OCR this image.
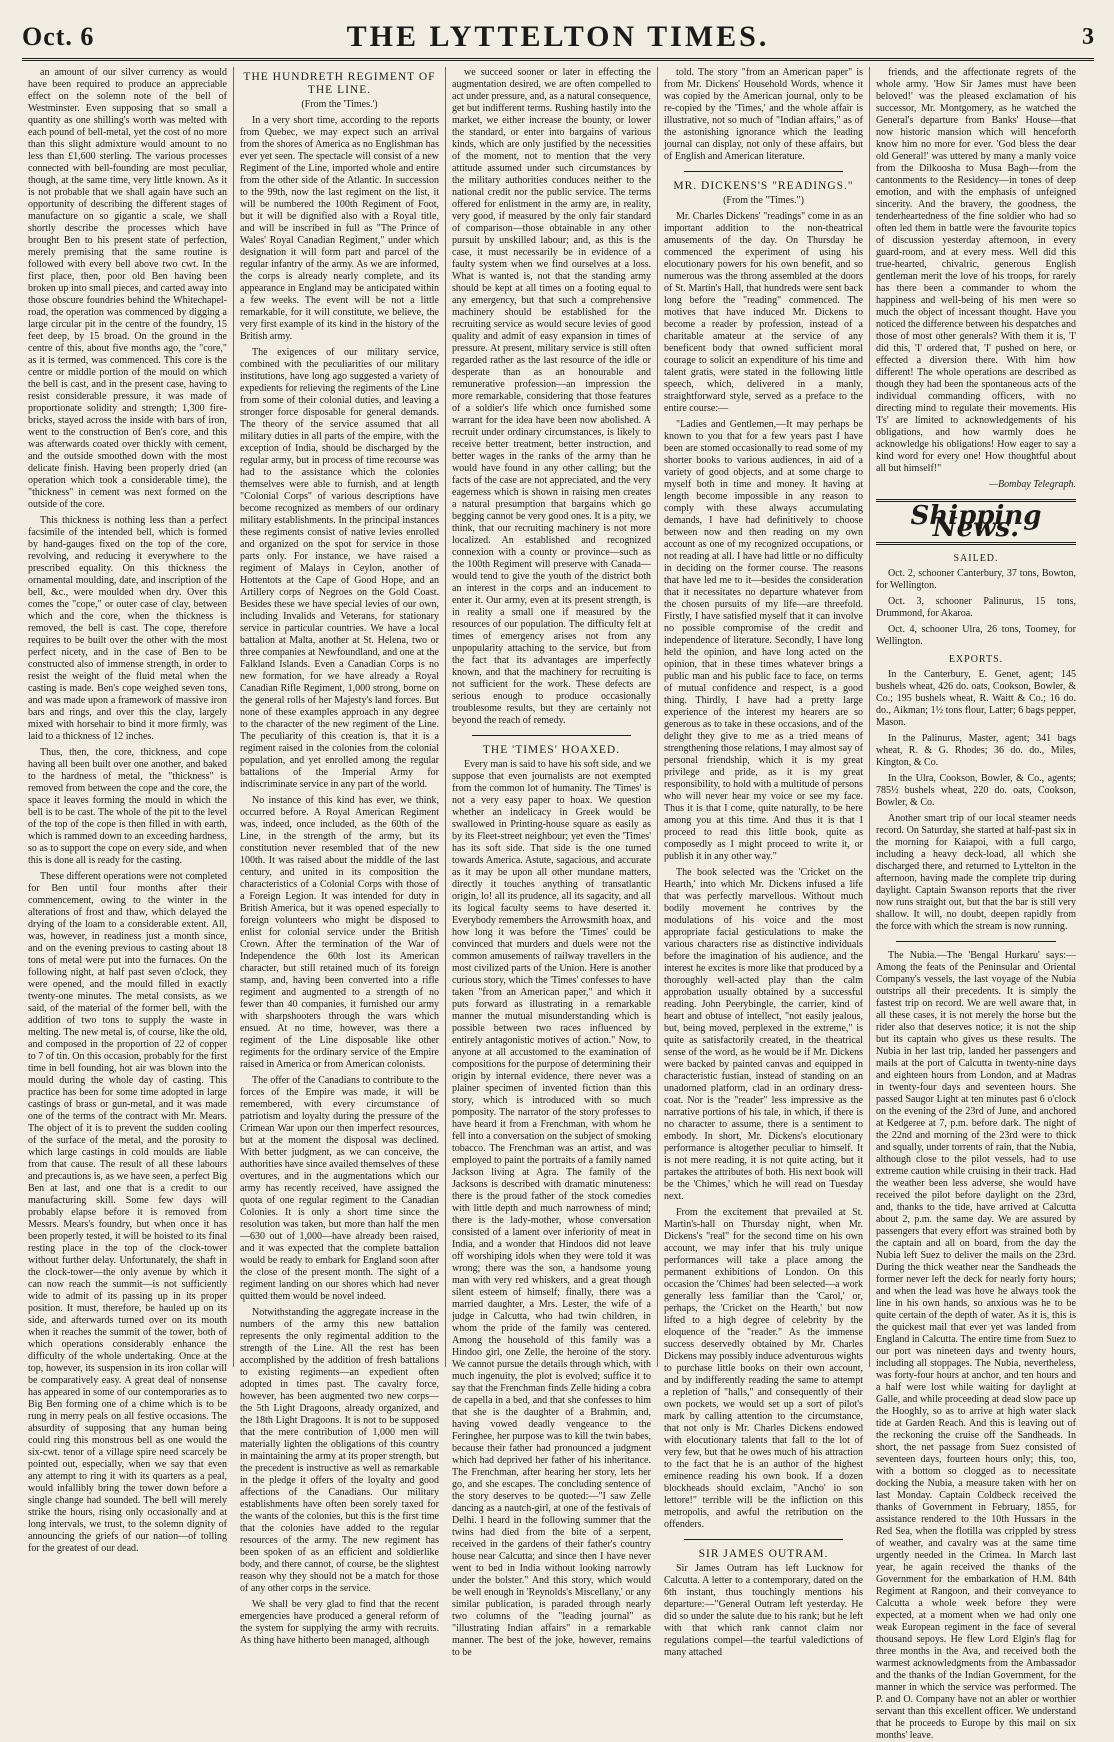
Oct. 6	THE LYTTELTON TIMES.	3

an amount of our silver currency as would have been required to produce an appreciable effect on the solemn note of the bell of Westminster. Even supposing that so small a quantity as one shilling's worth was melted with each pound of bell-metal, yet the cost of no more than this slight admixture would amount to no less than £1,600 sterling. The various processes connected with bell-founding are most peculiar, though, at the same time, very little known. As it is not probable that we shall again have such an opportunity of describing the different stages of manufacture on so gigantic a scale, we shall shortly describe the processes which have brought Ben to his present state of perfection, merely premising that the same routine is followed with every bell above two cwt. In the first place, then, poor old Ben having been broken up into small pieces, and carted away into those obscure foundries behind the Whitechapel-road, the operation was commenced by digging a large circular pit in the centre of the foundry, 15 feet deep, by 15 broad. On the ground in the centre of this, about five months ago, the "core," as it is termed, was commenced. This core is the centre or middle portion of the mould on which the bell is cast, and in the present case, having to resist considerable pressure, it was made of proportionate solidity and strength; 1,300 fire-bricks, stayed across the inside with bars of iron, went to the construction of Ben's core, and this was afterwards coated over thickly with cement, and the outside smoothed down with the most delicate finish. Having been properly dried (an operation which took a considerable time), the "thickness" in cement was next formed on the outside of the core.

This thickness is nothing less than a perfect facsimile of the intended bell, which is formed by hand-gauges fixed on the top of the core, revolving, and reducing it everywhere to the prescribed equality. On this thickness the ornamental moulding, date, and inscription of the bell, &c., were moulded when dry. Over this comes the "cope," or outer case of clay, between which and the core, when the thickness is removed, the bell is cast. The cope, therefore requires to be built over the other with the most perfect nicety, and in the case of Ben to be constructed also of immense strength, in order to resist the weight of the fluid metal when the casting is made. Ben's cope weighed seven tons, and was made upon a framework of massive iron bars and rings, and over this the clay, largely mixed with horsehair to bind it more firmly, was laid to a thickness of 12 inches.

Thus, then, the core, thickness, and cope having all been built over one another, and baked to the hardness of metal, the "thickness" is removed from between the cope and the core, the space it leaves forming the mould in which the bell is to be cast. The whole of the pit to the level of the top of the cope is then filled in with earth, which is rammed down to an exceeding hardness, so as to support the cope on every side, and when this is done all is ready for the casting.

These different operations were not completed for Ben until four months after their commencement, owing to the winter in the alterations of frost and thaw, which delayed the drying of the loam to a considerable extent. All, was, however, in readiness just a month since, and on the evening previous to casting about 18 tons of metal were put into the furnaces. On the following night, at half past seven o'clock, they were opened, and the mould filled in exactly twenty-one minutes. The metal consists, as we said, of the material of the former bell, with the addition of two tons to supply the waste in melting. The new metal is, of course, like the old, and composed in the proportion of 22 of copper to 7 of tin. On this occasion, probably for the first time in bell founding, hot air was blown into the mould during the whole day of casting. This practice has been for some time adopted in large castings of brass or gun-metal, and it was made one of the terms of the contract with Mr. Mears. The object of it is to prevent the sudden cooling of the surface of the metal, and the porosity to which large castings in cold moulds are liable from that cause. The result of all these labours and precautions is, as we have seen, a perfect Big Ben at last, and one that is a credit to our manufacturing skill. Some few days will probably elapse before it is removed from Messrs. Mears's foundry, but when once it has been properly tested, it will be hoisted to its final resting place in the top of the clock-tower without further delay. Unfortunately, the shaft in the clock-tower—the only avenue by which it can now reach the summit—is not sufficiently wide to admit of its passing up in its proper position. It must, therefore, be hauled up on its side, and afterwards turned over on its mouth when it reaches the summit of the tower, both of which operations considerably enhance the difficulty of the whole undertaking. Once at the top, however, its suspension in its iron collar will be comparatively easy. A great deal of nonsense has appeared in some of our contemporaries as to Big Ben forming one of a chime which is to be rung in merry peals on all festive occasions. The absurdity of supposing that any human being could ring this monstrous bell as one would the six-cwt. tenor of a village spire need scarcely be pointed out, especially, when we say that even any attempt to ring it with its quarters as a peal, would infallibly bring the tower down before a single change had sounded. The bell will merely strike the hours, rising only occasionally and at long intervals, we trust, to the solemn dignity of announcing the griefs of our nation—of tolling for the greatest of our dead.

THE HUNDRETH REGIMENT OF THE LINE.
(From the 'Times.')

In a very short time, according to the reports from Quebec, we may expect such an arrival from the shores of America as no Englishman has ever yet seen. The spectacle will consist of a new Regiment of the Line, imported whole and entire from the other side of the Atlantic. In succession to the 99th, now the last regiment on the list, it will be numbered the 100th Regiment of Foot, but it will be dignified also with a Royal title, and will be inscribed in full as "The Prince of Wales' Royal Canadian Regiment," under which designation it will form part and parcel of the regular infantry of the army. As we are informed, the corps is already nearly complete, and its appearance in England may be anticipated within a few weeks. The event will be not a little remarkable, for it will constitute, we believe, the very first example of its kind in the history of the British army.

The exigences of our military service, combined with the peculiarities of our military institutions, have long ago suggested a variety of expedients for relieving the regiments of the Line from some of their colonial duties, and leaving a stronger force disposable for general demands. The theory of the service assumed that all military duties in all parts of the empire, with the exception of India, should be discharged by the regular army, but in process of time recourse was had to the assistance which the colonies themselves were able to furnish, and at length "Colonial Corps" of various descriptions have become recognized as members of our ordinary military establishments. In the principal instances these regiments consist of native levies enrolled and organized on the spot for service in those parts only. For instance, we have raised a regiment of Malays in Ceylon, another of Hottentots at the Cape of Good Hope, and an Artillery corps of Negroes on the Gold Coast. Besides these we have special levies of our own, including Invalids and Veterans, for stationary service in particular countries. We have a local battalion at Malta, another at St. Helena, two or three companies at Newfoundland, and one at the Falkland Islands. Even a Canadian Corps is no new formation, for we have already a Royal Canadian Rifle Regiment, 1,000 strong, borne on the general rolls of her Majesty's land forces. But none of these examples approach in any degree to the character of the new regiment of the Line. The peculiarity of this creation is, that it is a regiment raised in the colonies from the colonial population, and yet enrolled among the regular battalions of the Imperial Army for indiscriminate service in any part of the world.

No instance of this kind has ever, we think, occurred before. A Royal American Regiment was, indeed, once included, as the 60th of the Line, in the strength of the army, but its constitution never resembled that of the new 100th. It was raised about the middle of the last century, and united in its composition the characteristics of a Colonial Corps with those of a Foreign Legion. It was intended for duty in British America, but it was opened especially to foreign volunteers who might be disposed to enlist for colonial service under the British Crown. After the termination of the War of Independence the 60th lost its American character, but still retained much of its foreign stamp, and, having been converted into a rifle regiment and augmented to a strength of no fewer than 40 companies, it furnished our army with sharpshooters through the wars which ensued. At no time, however, was there a regiment of the Line disposable like other regiments for the ordinary service of the Empire raised in America or from American colonists.

The offer of the Canadians to contribute to the forces of the Empire was made, it will be remembered, with every circumstance of patriotism and loyalty during the pressure of the Crimean War upon our then imperfect resources, but at the moment the disposal was declined. With better judgment, as we can conceive, the authorities have since availed themselves of these overtures, and in the augmentations which our army has recently received, have assigned the quota of one regular regiment to the Canadian Colonies. It is only a short time since the resolution was taken, but more than half the men—630 out of 1,000—have already been raised, and it was expected that the complete battalion would be ready to embark for England soon after the close of the present month. The sight of a regiment landing on our shores which had never quitted them would be novel indeed.

Notwithstanding the aggregate increase in the numbers of the army this new battalion represents the only regimental addition to the strength of the Line. All the rest has been accomplished by the addition of fresh battalions to existing regiments—an expedient often adopted in times past. The cavalry force, however, has been augmented two new corps—the 5th Light Dragoons, already organized, and the 18th Light Dragoons. It is not to be supposed that the mere contribution of 1,000 men will materially lighten the obligations of this country in maintaining the army at its proper strength, but the precedent is instructive as well as remarkable in the pledge it offers of the loyalty and good affections of the Canadians. Our military establishments have often been sorely taxed for the wants of the colonies, but this is the first time that the colonies have added to the regular resources of the army. The new regiment has been spoken of as an efficient and soldierlike body, and there cannot, of course, be the slightest reason why they should not be a match for those of any other corps in the service.

We shall be very glad to find that the recent emergencies have produced a general reform of the system for supplying the army with recruits. As thing have hitherto been managed, although

we succeed sooner or later in effecting the augmentation desired, we are often compelled to act under pressure, and, as a natural consequence, get but indifferent terms. Rushing hastily into the market, we either increase the bounty, or lower the standard, or enter into bargains of various kinds, which are only justified by the necessities of the moment, not to mention that the very attitude assumed under such circumstances by the military authorities conduces neither to the national credit nor the public service. The terms offered for enlistment in the army are, in reality, very good, if measured by the only fair standard of comparison—those obtainable in any other pursuit by unskilled labour; and, as this is the case, it must necessarily be in evidence of a faulty system when we find ourselves at a loss. What is wanted is, not that the standing army should be kept at all times on a footing equal to any emergency, but that such a comprehensive machinery should be established for the recruiting service as would secure levies of good quality and admit of easy expansion in times of pressure. At present, military service is still often regarded rather as the last resource of the idle or desperate than as an honourable and remunerative profession—an impression the more remarkable, considering that those features of a soldier's life which once furnished some warrant for the idea have been now abolished. A recruit under ordinary circumstances, is likely to receive better treatment, better instruction, and better wages in the ranks of the army than he would have found in any other calling; but the facts of the case are not appreciated, and the very eagerness which is shown in raising men creates a natural presumption that bargains which go begging cannot be very good ones. It is a pity, we think, that our recruiting machinery is not more localized. An established and recognized connexion with a county or province—such as the 100th Regiment will preserve with Canada—would tend to give the youth of the district both an interest in the corps and an inducement to enter it. Our army, even at its present strength, is in reality a small one if measured by the resources of our population. The difficulty felt at times of emergency arises not from any unpopularity attaching to the service, but from the fact that its advantages are imperfectly known, and that the machinery for recruiting is not sufficient for the work. These defects are serious enough to produce occasionally troublesome results, but they are certainly not beyond the reach of remedy.

THE 'TIMES' HOAXED.

Every man is said to have his soft side, and we suppose that even journalists are not exempted from the common lot of humanity. The 'Times' is not a very easy paper to hoax. We question whether an indelicacy in Greek would be swallowed in Printing-house square as easily as by its Fleet-street neighbour; yet even the 'Times' has its soft side. That side is the one turned towards America. Astute, sagacious, and accurate as it may be upon all other mundane matters, directly it touches anything of transatlantic origin, lo! all its prudence, all its sagacity, and all its logical faculty seems to have deserted it. Everybody remembers the Arrowsmith hoax, and how long it was before the 'Times' could be convinced that murders and duels were not the common amusements of railway travellers in the most civilized parts of the Union. Here is another curious story, which the 'Times' confesses to have taken "from an American paper," and which it puts forward as illustrating in a remarkable manner the mutual misunderstanding which is possible between two races influenced by entirely antagonistic motives of action." Now, to anyone at all accustomed to the examination of compositions for the purpose of determining their origin by internal evidence, there never was a plainer specimen of invented fiction than this story, which is introduced with so much pomposity. The narrator of the story professes to have heard it from a Frenchman, with whom he fell into a conversation on the subject of smoking tobacco. The Frenchman was an artist, and was employed to paint the portraits of a family named Jackson living at Agra. The family of the Jacksons is described with dramatic minuteness: there is the proud father of the stock comedies with little depth and much narrowness of mind; there is the lady-mother, whose conversation consisted of a lament over inferiority of meat in India, and a wonder that Hindoos did not leave off worshiping idols when they were told it was wrong; there was the son, a handsome young man with very red whiskers, and a great though silent esteem of himself; finally, there was a married daughter, a Mrs. Lester, the wife of a judge in Calcutta, who had twin children, in whom the pride of the family was centered. Among the household of this family was a Hindoo girl, one Zelle, the heroine of the story. We cannot pursue the details through which, with much ingenuity, the plot is evolved; suffice it to say that the Frenchman finds Zelle hiding a cobra de capella in a bed, and that she confesses to him that she is the daughter of a Brahmin, and, having vowed deadly vengeance to the Feringhee, her purpose was to kill the twin babes, because their father had pronounced a judgment which had deprived her father of his inheritance. The Frenchman, after hearing her story, lets her go, and she escapes. The concluding sentence of the story deserves to be quoted:—"I saw Zelle dancing as a nautch-girl, at one of the festivals of Delhi. I heard in the following summer that the twins had died from the bite of a serpent, received in the gardens of their father's country house near Calcutta; and since then I have never went to bed in India without looking narrowly under the bolster." And this story, which would be well enough in 'Reynolds's Miscellany,' or any similar publication, is paraded through nearly two columns of the "leading journal" as "illustrating Indian affairs" in a remarkable manner. The best of the joke, however, remains to be

told. The story "from an American paper" is from Mr. Dickens' Household Words, whence it was copied by the American journal, only to be re-copied by the 'Times,' and the whole affair is illustrative, not so much of "Indian affairs," as of the astonishing ignorance which the leading journal can display, not only of these affairs, but of English and American literature.

MR. DICKENS'S "READINGS."
(From the "Times.")

Mr. Charles Dickens' "readings" come in as an important addition to the non-theatrical amusements of the day. On Thursday he commenced the experiment of using his elocutionary powers for his own benefit, and so numerous was the throng assembled at the doors of St. Martin's Hall, that hundreds were sent back long before the "reading" commenced. The motives that have induced Mr. Dickens to become a reader by profession, instead of a charitable amateur at the service of any beneficent body that owned sufficient moral courage to solicit an expenditure of his time and talent gratis, were stated in the following little speech, which, delivered in a manly, straightforward style, served as a preface to the entire course:—

"Ladies and Gentlemen,—It may perhaps be known to you that for a few years past I have been are stomed occasionally to read some of my shorter books to various audiences, in aid of a variety of good objects, and at some charge to myself both in time and money. It having at length become impossible in any reason to comply with these always accumulating demands, I have had definitively to choose between now and then reading on my own account as one of my recognized occupations, or not reading at all. I have had little or no difficulty in deciding on the former course. The reasons that have led me to it—besides the consideration that it necessitates no departure whatever from the chosen pursuits of my life—are threefold. Firstly, I have satisfied myself that it can involve no possible compromise of the credit and independence of literature. Secondly, I have long held the opinion, and have long acted on the opinion, that in these times whatever brings a public man and his public face to face, on terms of mutual confidence and respect, is a good thing. Thirdly, I have had a pretty large experience of the interest my hearers are so generous as to take in these occasions, and of the delight they give to me as a tried means of strengthening those relations, I may almost say of personal friendship, which it is my great privilege and pride, as it is my great responsibility, to hold with a multitude of persons who will never hear my voice or see my face. Thus it is that I come, quite naturally, to be here among you at this time. And thus it is that I proceed to read this little book, quite as composedly as I might proceed to write it, or publish it in any other way."

The book selected was the 'Cricket on the Hearth,' into which Mr. Dickens infused a life that was perfectly marvellous. Without much bodily movement he contrives by the modulations of his voice and the most appropriate facial gesticulations to make the various characters rise as distinctive individuals before the imagination of his audience, and the interest he excites is more like that produced by a thoroughly well-acted play than the calm approbation usually obtained by a successful reading. John Peerybingle, the carrier, kind of heart and obtuse of intellect, "not easily jealous, but, being moved, perplexed in the extreme," is quite as satisfactorily created, in the theatrical sense of the word, as he would be if Mr. Dickens were backed by painted canvas and equipped in characteristic fustian, instead of standing on an unadorned platform, clad in an ordinary dress-coat. Nor is the "reader" less impressive as the narrative portions of his tale, in which, if there is no character to assume, there is a sentiment to embody. In short, Mr. Dickens's elocutionary performance is altogether peculiar to himself. It is not mere reading, it is not quite acting, but it partakes the attributes of both. His next book will be the 'Chimes,' which he will read on Tuesday next.

From the excitement that prevailed at St. Martin's-hall on Thursday night, when Mr. Dickens's "real" for the second time on his own account, we may infer that his truly unique performances will take a place among the permanent exhibitions of London. On this occasion the 'Chimes' had been selected—a work generally less familiar than the 'Carol,' or, perhaps, the 'Cricket on the Hearth,' but now lifted to a high degree of celebrity by the eloquence of the "reader." As the immense success deservedly obtained by Mr. Charles Dickens may possibly induce adventurous wights to purchase little books on their own account, and by indifferently reading the same to attempt a repletion of "halls," and consequently of their own pockets, we would set up a sort of pilot's mark by calling attention to the circumstance, that not only is Mr. Charles Dickens endowed with elocutionary talents that fall to the lot of very few, but that he owes much of his attraction to the fact that he is an author of the highest eminence reading his own book. If a dozen blockheads should exclaim, "Ancho' io son lettore!" terrible will be the infliction on this metropolis, and awful the retribution on the offenders.

SIR JAMES OUTRAM.

Sir James Outram has left Lucknow for Calcutta. A letter to a contemporary, dated on the 6th instant, thus touchingly mentions his departure:—"General Outram left yesterday. He did so under the salute due to his rank; but he left with that which rank cannot claim nor regulations compel—the tearful valedictions of many attached

friends, and the affectionate regrets of the whole army. 'How Sir James must have been beloved!' was the pleased exclamation of his successor, Mr. Montgomery, as he watched the General's departure from Banks' House—that now historic mansion which will henceforth know him no more for ever. 'God bless the dear old General!' was uttered by many a manly voice from the Dilkoosha to Musa Bagh—from the cantonments to the Residency—in tones of deep emotion, and with the emphasis of unfeigned sincerity. And the bravery, the goodness, the tenderheartedness of the fine soldier who had so often led them in battle were the favourite topics of discussion yesterday afternoon, in every guard-room, and at every mess. Well did this true-hearted, chivalric, generous English gentleman merit the love of his troops, for rarely has there been a commander to whom the happiness and well-being of his men were so much the object of incessant thought. Have you noticed the difference between his despatches and those of most other generals? With them it is, 'I' did this, 'I' ordered that, 'I' pushed on here, or effected a diversion there. With him how different! The whole operations are described as though they had been the spontaneous acts of the individual commanding officers, with no directing mind to regulate their movements. His 'I's' are limited to acknowledgements of his obligations, and how warmly does he acknowledge his obligations! How eager to say a kind word for every one! How thoughtful about all but himself!"

—Bombay Telegraph.
Shipping News.
SAILED.

Oct. 2, schooner Canterbury, 37 tons, Bowton, for Wellington.

Oct. 3, schooner Palinurus, 15 tons, Drummond, for Akaroa.

Oct. 4, schooner Ulra, 26 tons, Toomey, for Wellington.

EXPORTS.

In the Canterbury, E. Genet, agent; 145 bushels wheat, 426 do. oats, Cookson, Bowler, & Co.; 195 bushels wheat, R. Waitt & Co.; 16 do. do., Aikman; 1½ tons flour, Latter; 6 bags pepper, Mason.

In the Palinurus, Master, agent; 341 bags wheat, R. & G. Rhodes; 36 do. do., Miles, Kington, & Co.

In the Ulra, Cookson, Bowler, & Co., agents; 785½ bushels wheat, 220 do. oats, Cookson, Bowler, & Co.

Another smart trip of our local steamer needs record. On Saturday, she started at half-past six in the morning for Kaiapoi, with a full cargo, including a heavy deck-load, all which she discharged there, and returned to Lyttelton in the afternoon, having made the complete trip during daylight. Captain Swanson reports that the river now runs straight out, but that the bar is still very shallow. It will, no doubt, deepen rapidly from the force with which the stream is now running.

The Nubia.—The 'Bengal Hurkaru' says:—Among the feats of the Peninsular and Oriental Company's vessels, the last voyage of the Nubia outstrips all their precedents. It is simply the fastest trip on record. We are well aware that, in all these cases, it is not merely the horse but the rider also that deserves notice; it is not the ship but its captain who gives us these results. The Nubia in her last trip, landed her passengers and mails at the port of Calcutta in twenty-nine days and eighteen hours from London, and at Madras in twenty-four days and seventeen hours. She passed Saugor Light at ten minutes past 6 o'clock on the evening of the 23rd of June, and anchored at Kedgeree at 7, p.m. before dark. The night of the 22nd and morning of the 23rd were to thick and squally, under torrents of rain, that the Nubia, although close to the pilot vessels, had to use extreme caution while cruising in their track. Had the weather been less adverse, she would have received the pilot before daylight on the 23rd, and, thanks to the tide, have arrived at Calcutta about 2, p.m. the same day. We are assured by passengers that every effort was strained both by the captain and all on board, from the day the Nubia left Suez to deliver the mails on the 23rd. During the thick weather near the Sandheads the former never left the deck for nearly forty hours; and when the lead was hove he always took the line in his own hands, so anxious was he to be quite certain of the depth of water. As it is, this is the quickest mail that ever yet was landed from England in Calcutta. The entire time from Suez to our port was nineteen days and twenty hours, including all stoppages. The Nubia, nevertheless, was forty-four hours at anchor, and ten hours and a half were lost while waiting for daylight at Galle, and while proceeding at dead slow pace up the Hooghly, so as to arrive at high water slack tide at Garden Reach. And this is leaving out of the reckoning the cruise off the Sandheads. In short, the net passage from Suez consisted of seventeen days, fourteen hours only; this, too, with a bottom so clogged as to necessitate docking the Nubia, a measure taken with her on last Monday. Captain Coldbeck received the thanks of Government in February, 1855, for assistance rendered to the 10th Hussars in the Red Sea, when the flotilla was crippled by stress of weather, and cavalry was at the same time urgently needed in the Crimea. In March last year, he again received the thanks of the Government for the embarkation of H.M. 84th Regiment at Rangoon, and their conveyance to Calcutta a whole week before they were expected, at a moment when we had only one weak European regiment in the face of several thousand sepoys. He flew Lord Elgin's flag for three months in the Ava, and received both the warmest acknowledgments from the Ambassador and the thanks of the Indian Government, for the manner in which the service was performed. The P. and O. Company have not an abler or worthier servant than this excellent officer. We understand that he proceeds to Europe by this mail on six months' leave.
